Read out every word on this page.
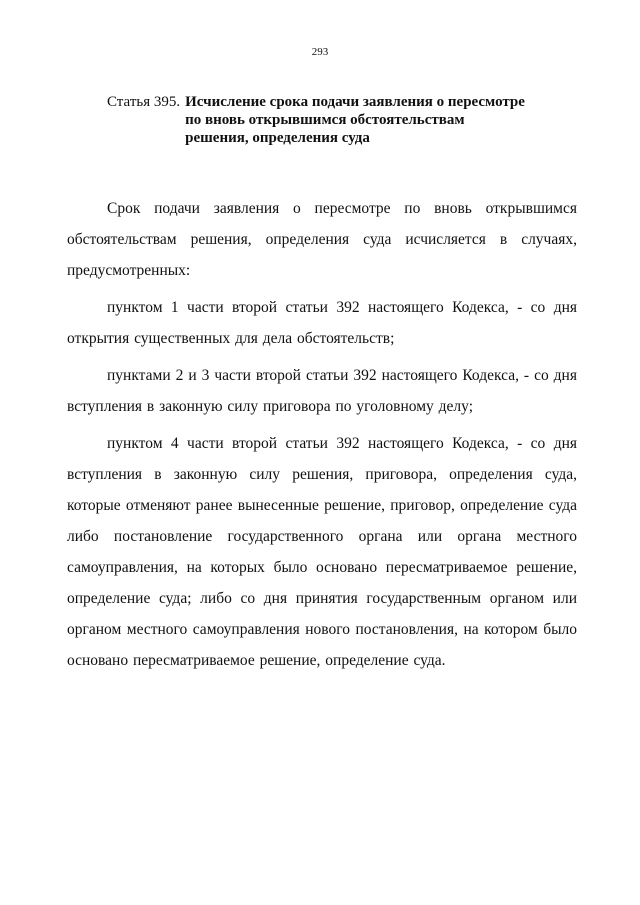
293
Статья 395. Исчисление срока подачи заявления о пересмотре
по вновь открывшимся обстоятельствам
решения, определения суда

Срок подачи заявления о пересмотре по вновь открывшимся обстоятельствам решения, определения суда исчисляется в случаях, предусмотренных:

пунктом 1 части второй статьи 392 настоящего Кодекса, - со дня открытия существенных для дела обстоятельств;

пунктами 2 и 3 части второй статьи 392 настоящего Кодекса, - со дня вступления в законную силу приговора по уголовному делу;

пунктом 4 части второй статьи 392 настоящего Кодекса, - со дня вступления в законную силу решения, приговора, определения суда, которые отменяют ранее вынесенные решение, приговор, определение суда либо постановление государственного органа или органа местного самоуправления, на которых было основано пересматриваемое решение, определение суда; либо со дня принятия государственным органом или органом местного самоуправления нового постановления, на котором было основано пересматриваемое решение, определение суда.
